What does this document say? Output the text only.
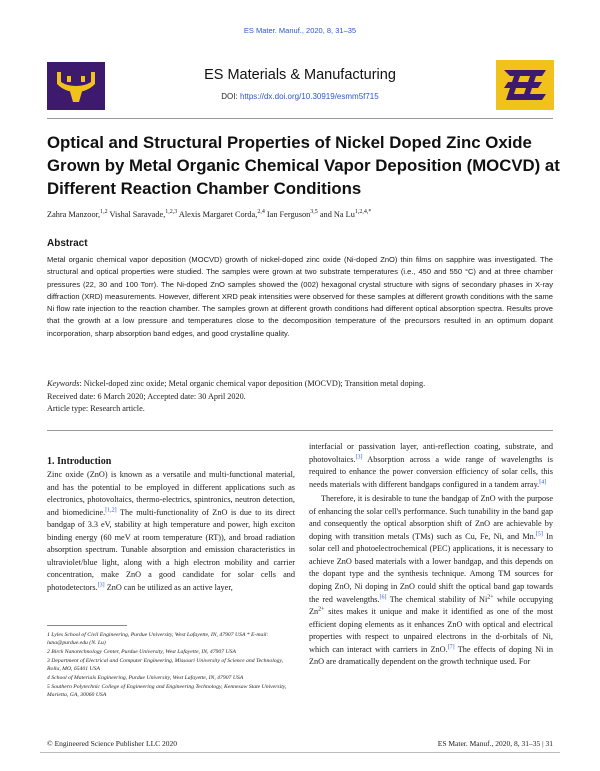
ES Mater. Manuf., 2020, 8, 31–35
ES Materials & Manufacturing
DOI: https://dx.doi.org/10.30919/esmm5f715
Optical and Structural Properties of Nickel Doped Zinc Oxide Grown by Metal Organic Chemical Vapor Deposition (MOCVD) at Different Reaction Chamber Conditions
Zahra Manzoor,$^{1,2}$ Vishal Saravade,$^{1,2,3}$ Alexis Margaret Corda,$^{2,4}$ Ian Ferguson$^{3,5}$ and Na $Lu^{1,2,4,*}$
Abstract

Metal organic chemical vapor deposition (MOCVD) growth of nickel-doped zinc oxide (Ni-doped ZnO) thin films on sapphire was investigated. The structural and optical properties were studied. The samples were grown at two substrate temperatures (i.e., 450 and 550 °C) and at three chamber pressures (22, 30 and 100 Torr). The Ni-doped ZnO samples showed the (002) hexagonal crystal structure with signs of secondary phases in X-ray diffraction (XRD) measurements. However, different XRD peak intensities were observed for these samples at different growth conditions with the same Ni flow rate injection to the reaction chamber. The samples grown at different growth conditions had different optical absorption spectra. Results prove that the growth at a low pressure and temperatures close to the decomposition temperature of the precursors resulted in an optimum dopant incorporation, sharp absorption band edges, and good crystalline quality.

Keywords: Nickel-doped zinc oxide; Metal organic chemical vapor deposition (MOCVD); Transition metal doping.
Received date: 6 March 2020; Accepted date: 30 April 2020.
Article type: Research article.
1. Introduction

Zinc oxide (ZnO) is known as a versatile and multi-functional material, and has the potential to be employed in different applications such as electronics, photovoltaics, thermo-electrics, spintronics, neutron detection, and biomedicine.[1,2] The multi-functionality of ZnO is due to its direct bandgap of 3.3 eV, stability at high temperature and power, high exciton binding energy (60 meV at room temperature (RT)), and broad radiation absorption spectrum. Tunable absorption and emission characteristics in ultraviolet/blue light, along with a high electron mobility and carrier concentration, make ZnO a good candidate for solar cells and photodetectors.[3] ZnO can be utilized as an active layer,

interfacial or passivation layer, anti-reflection coating, substrate, and photovoltaics.[3] Absorption across a wide range of wavelengths is required to enhance the power conversion efficiency of solar cells, this needs materials with different bandgaps configured in a tandem array.[4]

Therefore, it is desirable to tune the bandgap of ZnO with the purpose of enhancing the solar cell's performance. Such tunability in the band gap and consequently the optical absorption shift of ZnO are achievable by doping with transition metals (TMs) such as Cu, Fe, Ni, and Mn.[5] In solar cell and photoelectrochemical (PEC) applications, it is necessary to achieve ZnO based materials with a lower bandgap, and this depends on the dopant type and the synthesis technique. Among TM sources for doping ZnO, Ni doping in ZnO could shift the optical band gap towards the red wavelengths.[6] The chemical stability of $Ni^{2+}$ while occupying $Zn^{2+}$ sites makes it unique and make it identified as one of the most efficient doping elements as it enhances ZnO with optical and electrical properties with respect to unpaired electrons in the d-orbitals of Ni, which can interact with carriers in ZnO.[7] The effects of doping Ni in ZnO are dramatically dependent on the growth technique used. For

1 Lyles School of Civil Engineering, Purdue University, West Lafayette, IN, 47907 USA * E-mail: luna@purdue.edu (N. Lu)

2 Birck Nanotechnology Center, Purdue University, West Lafayette, IN, 47907 USA

3 Department of Electrical and Computer Engineering, Missouri University of Science and Technology, Rolla, MO, 65401 USA

4 School of Materials Engineering, Purdue University, West Lafayette, IN, 47907 USA

5 Southern Polytechnic College of Engineering and Engineering Technology, Kennesaw State University, Marietta, GA, 30060 USA

© Engineered Science Publisher LLC 2020	ES Mater. Manuf., 2020, 8, 31–35 | 31
